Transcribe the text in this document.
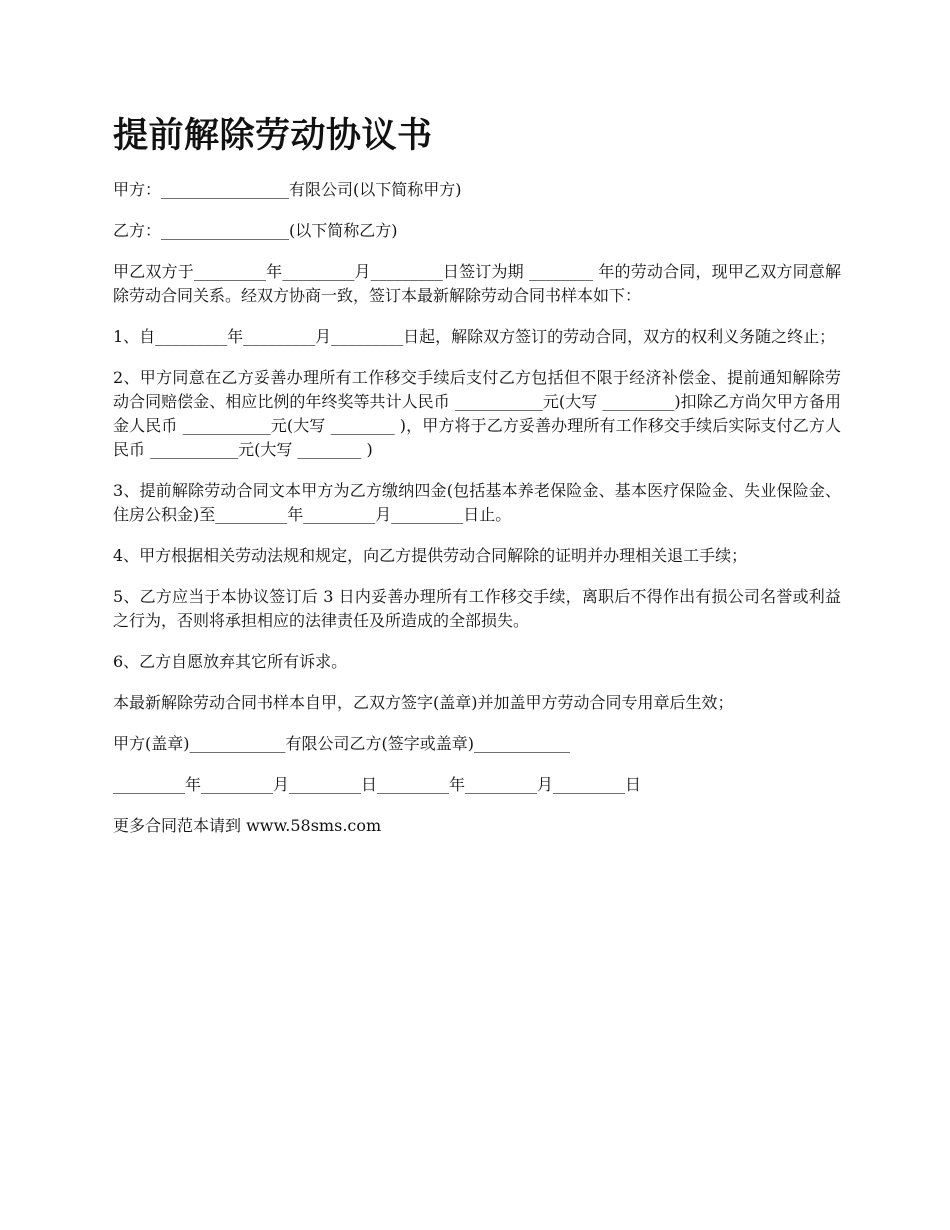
提前解除劳动协议书

甲方：________________有限公司(以下简称甲方)

乙方：________________(以下简称乙方)

甲乙双方于_________年_________月_________日签订为期 ________ 年的劳动合同，现甲乙双方同意解除劳动合同关系。经双方协商一致，签订本最新解除劳动合同书样本如下：

1、自_________年_________月_________日起，解除双方签订的劳动合同，双方的权利义务随之终止；

2、甲方同意在乙方妥善办理所有工作移交手续后支付乙方包括但不限于经济补偿金、提前通知解除劳动合同赔偿金、相应比例的年终奖等共计人民币 ___________元(大写 _________)扣除乙方尚欠甲方备用金人民币 ___________元(大写 ________ )，甲方将于乙方妥善办理所有工作移交手续后实际支付乙方人民币 ___________元(大写 ________ )

3、提前解除劳动合同文本甲方为乙方缴纳四金(包括基本养老保险金、基本医疗保险金、失业保险金、住房公积金)至_________年_________月_________日止。

4、甲方根据相关劳动法规和规定，向乙方提供劳动合同解除的证明并办理相关退工手续；

5、乙方应当于本协议签订后 3 日内妥善办理所有工作移交手续，离职后不得作出有损公司名誉或利益之行为，否则将承担相应的法律责任及所造成的全部损失。

6、乙方自愿放弃其它所有诉求。

本最新解除劳动合同书样本自甲，乙双方签字(盖章)并加盖甲方劳动合同专用章后生效；

甲方(盖章)____________有限公司乙方(签字或盖章)____________

_________年_________月_________日_________年_________月_________日

更多合同范本请到 www.58sms.com
